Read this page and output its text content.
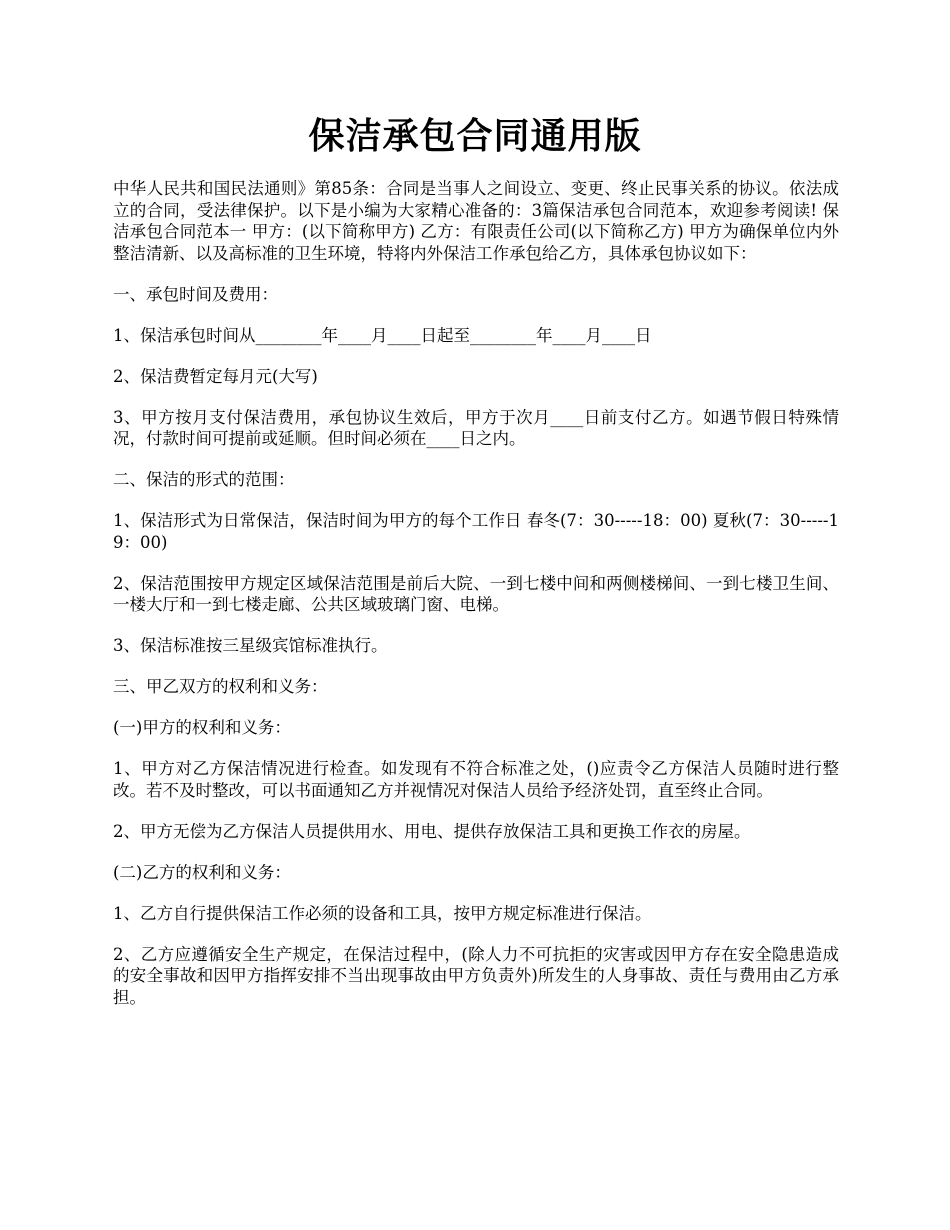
保洁承包合同通用版

中华人民共和国民法通则》第85条：合同是当事人之间设立、变更、终止民事关系的协议。依法成立的合同，受法律保护。以下是小编为大家精心准备的：3篇保洁承包合同范本，欢迎参考阅读! 保洁承包合同范本一 甲方：(以下简称甲方) 乙方：有限责任公司(以下简称乙方) 甲方为确保单位内外整洁清新、以及高标准的卫生环境，特将内外保洁工作承包给乙方，具体承包协议如下：

一、承包时间及费用：

1、保洁承包时间从________年____月____日起至________年____月____日

2、保洁费暂定每月元(大写)

3、甲方按月支付保洁费用，承包协议生效后，甲方于次月____日前支付乙方。如遇节假日特殊情况，付款时间可提前或延顺。但时间必须在____日之内。

二、保洁的形式的范围：

1、保洁形式为日常保洁，保洁时间为甲方的每个工作日 春冬(7：30-----18：00) 夏秋(7：30-----19：00)

2、保洁范围按甲方规定区域保洁范围是前后大院、一到七楼中间和两侧楼梯间、一到七楼卫生间、一楼大厅和一到七楼走廊、公共区域玻璃门窗、电梯。

3、保洁标准按三星级宾馆标准执行。

三、甲乙双方的权利和义务：

(一)甲方的权利和义务：

1、甲方对乙方保洁情况进行检查。如发现有不符合标准之处，()应责令乙方保洁人员随时进行整改。若不及时整改，可以书面通知乙方并视情况对保洁人员给予经济处罚，直至终止合同。

2、甲方无偿为乙方保洁人员提供用水、用电、提供存放保洁工具和更换工作衣的房屋。

(二)乙方的权利和义务：

1、乙方自行提供保洁工作必须的设备和工具，按甲方规定标准进行保洁。

2、乙方应遵循安全生产规定，在保洁过程中，(除人力不可抗拒的灾害或因甲方存在安全隐患造成的安全事故和因甲方指挥安排不当出现事故由甲方负责外)所发生的人身事故、责任与费用由乙方承担。
